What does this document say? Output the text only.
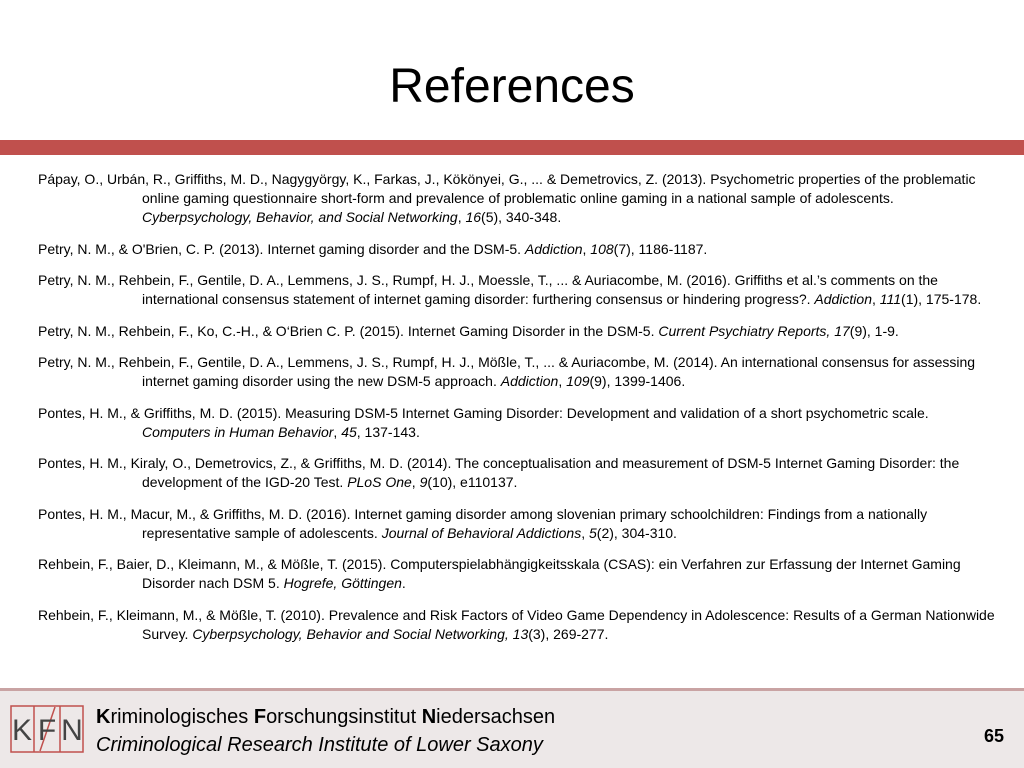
References
Pápay, O., Urbán, R., Griffiths, M. D., Nagygyörgy, K., Farkas, J., Kökönyei, G., ... & Demetrovics, Z. (2013). Psychometric properties of the problematic online gaming questionnaire short-form and prevalence of problematic online gaming in a national sample of adolescents. Cyberpsychology, Behavior, and Social Networking, 16(5), 340-348.
Petry, N. M., & O'Brien, C. P. (2013). Internet gaming disorder and the DSM-5. Addiction, 108(7), 1186-1187.
Petry, N. M., Rehbein, F., Gentile, D. A., Lemmens, J. S., Rumpf, H. J., Moessle, T., ... & Auriacombe, M. (2016). Griffiths et al.’s comments on the international consensus statement of internet gaming disorder: furthering consensus or hindering progress?. Addiction, 111(1), 175-178.
Petry, N. M., Rehbein, F., Ko, C.-H., & O‘Brien C. P. (2015). Internet Gaming Disorder in the DSM-5. Current Psychiatry Reports, 17(9), 1-9.
Petry, N. M., Rehbein, F., Gentile, D. A., Lemmens, J. S., Rumpf, H. J., Mößle, T., ... & Auriacombe, M. (2014). An international consensus for assessing internet gaming disorder using the new DSM-5 approach. Addiction, 109(9), 1399-1406.
Pontes, H. M., & Griffiths, M. D. (2015). Measuring DSM-5 Internet Gaming Disorder: Development and validation of a short psychometric scale. Computers in Human Behavior, 45, 137-143.
Pontes, H. M., Kiraly, O., Demetrovics, Z., & Griffiths, M. D. (2014). The conceptualisation and measurement of DSM-5 Internet Gaming Disorder: the development of the IGD-20 Test. PLoS One, 9(10), e110137.
Pontes, H. M., Macur, M., & Griffiths, M. D. (2016). Internet gaming disorder among slovenian primary schoolchildren: Findings from a nationally representative sample of adolescents. Journal of Behavioral Addictions, 5(2), 304-310.
Rehbein, F., Baier, D., Kleimann, M., & Mößle, T. (2015). Computerspielabhängigkeitsskala (CSAS): ein Verfahren zur Erfassung der Internet Gaming Disorder nach DSM 5. Hogrefe, Göttingen.
Rehbein, F., Kleimann, M., & Mößle, T. (2010). Prevalence and Risk Factors of Video Game Dependency in Adolescence: Results of a German Nationwide Survey. Cyberpsychology, Behavior and Social Networking, 13(3), 269-277.
K F N Kriminologisches Forschungsinstitut Niedersachsen
Criminological Research Institute of Lower Saxony	65
